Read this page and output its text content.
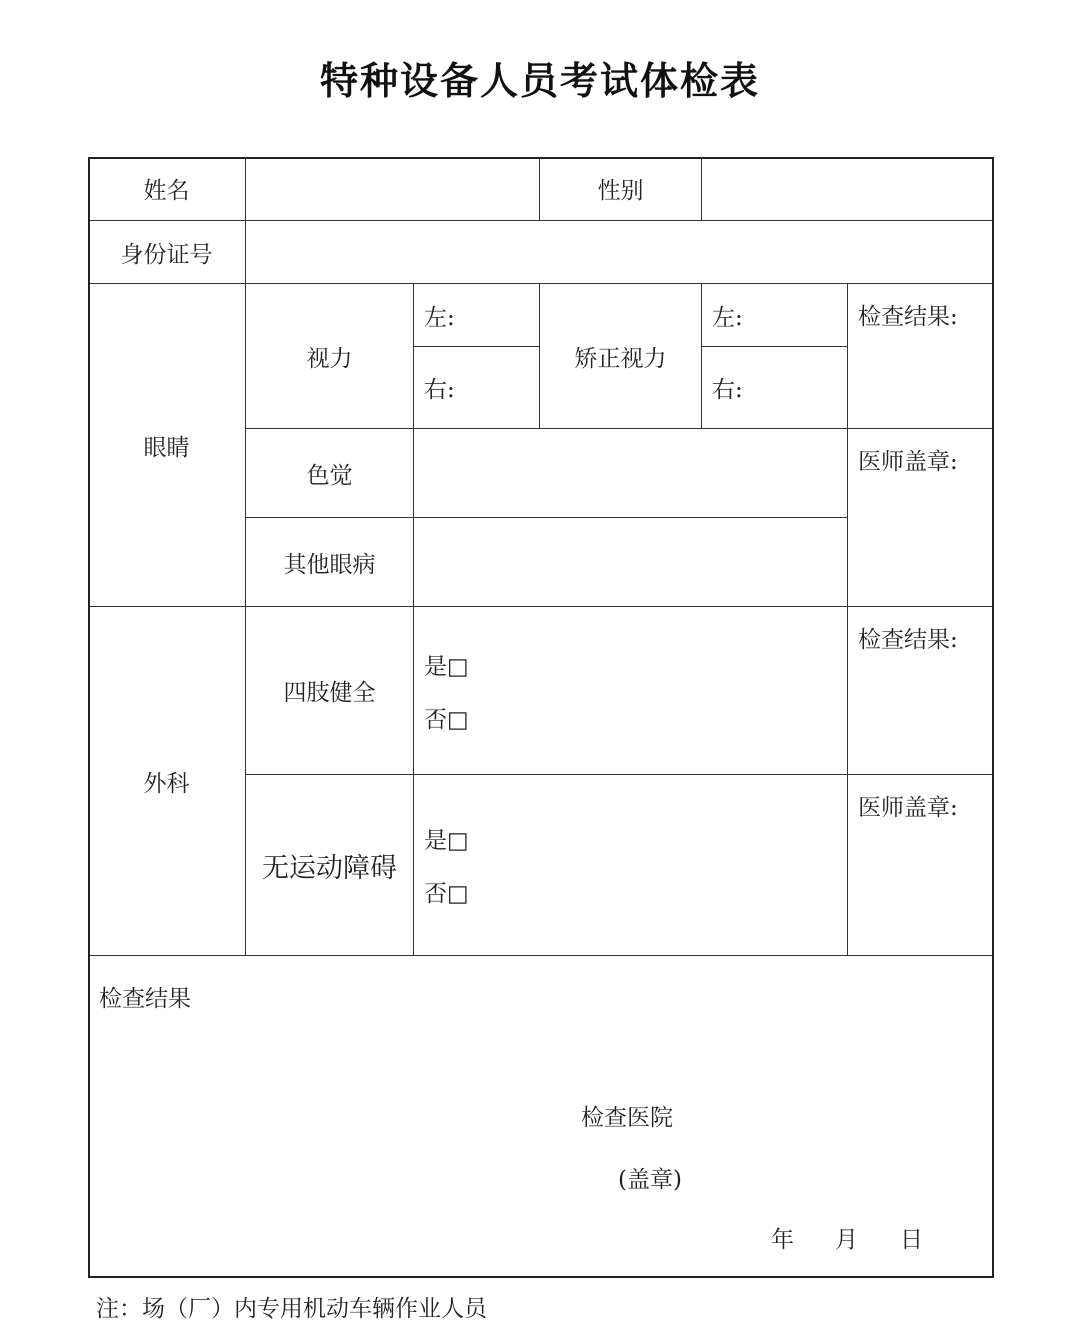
特种设备人员考试体检表
姓名	性别
身份证号
眼睛
视力
左:
右:
矫正视力
左:
右:
检查结果:
色觉
其他眼病
医师盖章:
外科
四肢健全
是□
否□
检查结果:
无运动障碍
是□
否□
医师盖章:
检查结果
检查医院
(盖章)
年 月 日
注：场（厂）内专用机动车辆作业人员
